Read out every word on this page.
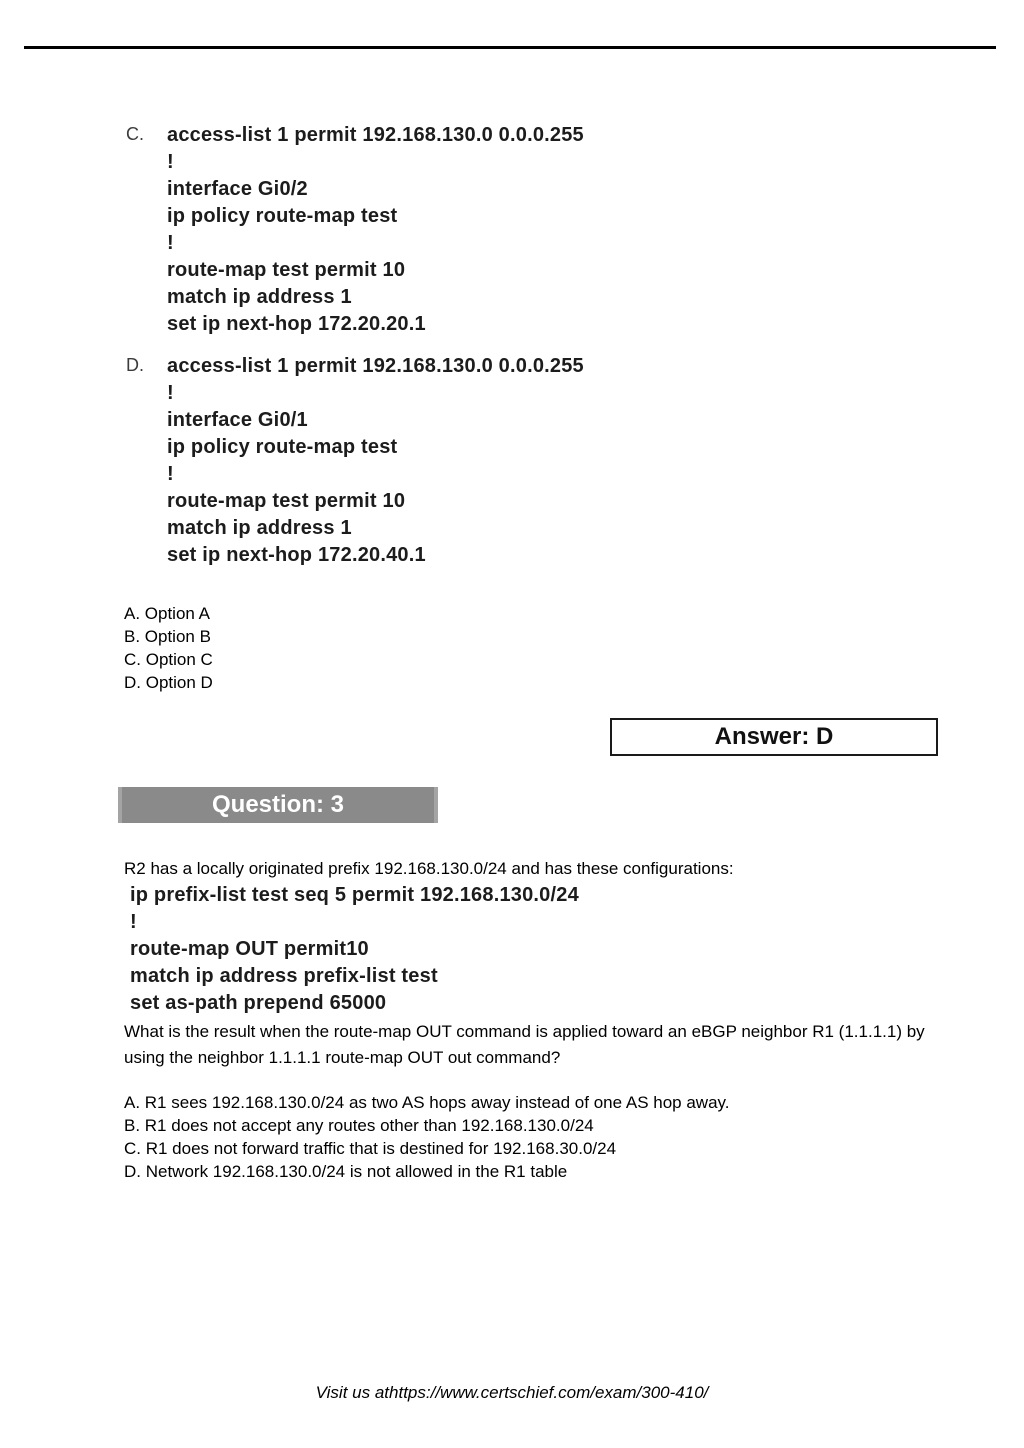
C.	access-list 1 permit 192.168.130.0 0.0.0.255
!
interface Gi0/2
ip policy route-map test
!
route-map test permit 10
match ip address 1
set ip next-hop 172.20.20.1
D.	access-list 1 permit 192.168.130.0 0.0.0.255
!
interface Gi0/1
ip policy route-map test
!
route-map test permit 10
match ip address 1
set ip next-hop 172.20.40.1
A. Option A
B. Option B
C. Option C
D. Option D
Answer: D
Question: 3
R2 has a locally originated prefix 192.168.130.0/24 and has these configurations:
ip prefix-list test seq 5 permit 192.168.130.0/24
!
route-map OUT permit10
match ip address prefix-list test
set as-path prepend 65000
What is the result when the route-map OUT command is applied toward an eBGP neighbor R1 (1.1.1.1) by using the neighbor 1.1.1.1 route-map OUT out command?
A. R1 sees 192.168.130.0/24 as two AS hops away instead of one AS hop away.
B. R1 does not accept any routes other than 192.168.130.0/24
C. R1 does not forward traffic that is destined for 192.168.30.0/24
D. Network 192.168.130.0/24 is not allowed in the R1 table
Visit us athttps://www.certschief.com/exam/300-410/
